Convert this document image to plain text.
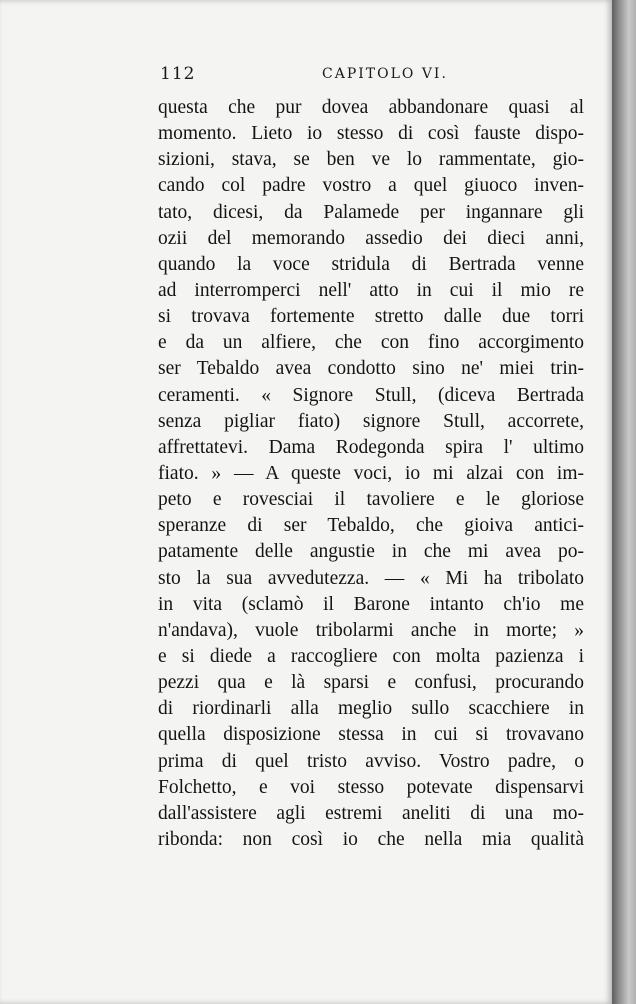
112	CAPITOLO VI.
questa che pur dovea abbandonare quasi al
momento. Lieto io stesso di così fauste dispo-
sizioni, stava, se ben ve lo rammentate, gio-
cando col padre vostro a quel giuoco inven-
tato, dicesi, da Palamede per ingannare gli
ozii del memorando assedio dei dieci anni,
quando la voce stridula di Bertrada venne
ad interromperci nell' atto in cui il mio re
si trovava fortemente stretto dalle due torri
e da un alfiere, che con fino accorgimento
ser Tebaldo avea condotto sino ne' miei trin-
ceramenti. « Signore Stull, (diceva Bertrada
senza pigliar fiato) signore Stull, accorrete,
affrettatevi. Dama Rodegonda spira l' ultimo
fiato. » — A queste voci, io mi alzai con im-
peto e rovesciai il tavoliere e le gloriose
speranze di ser Tebaldo, che gioiva antici-
patamente delle angustie in che mi avea po-
sto la sua avvedutezza. — « Mi ha tribolato
in vita (sclamò il Barone intanto ch'io me
n'andava), vuole tribolarmi anche in morte; »
e si diede a raccogliere con molta pazienza i
pezzi qua e là sparsi e confusi, procurando
di riordinarli alla meglio sullo scacchiere in
quella disposizione stessa in cui si trovavano
prima di quel tristo avviso. Vostro padre, o
Folchetto, e voi stesso potevate dispensarvi
dall'assistere agli estremi aneliti di una mo-
ribonda: non così io che nella mia qualità
